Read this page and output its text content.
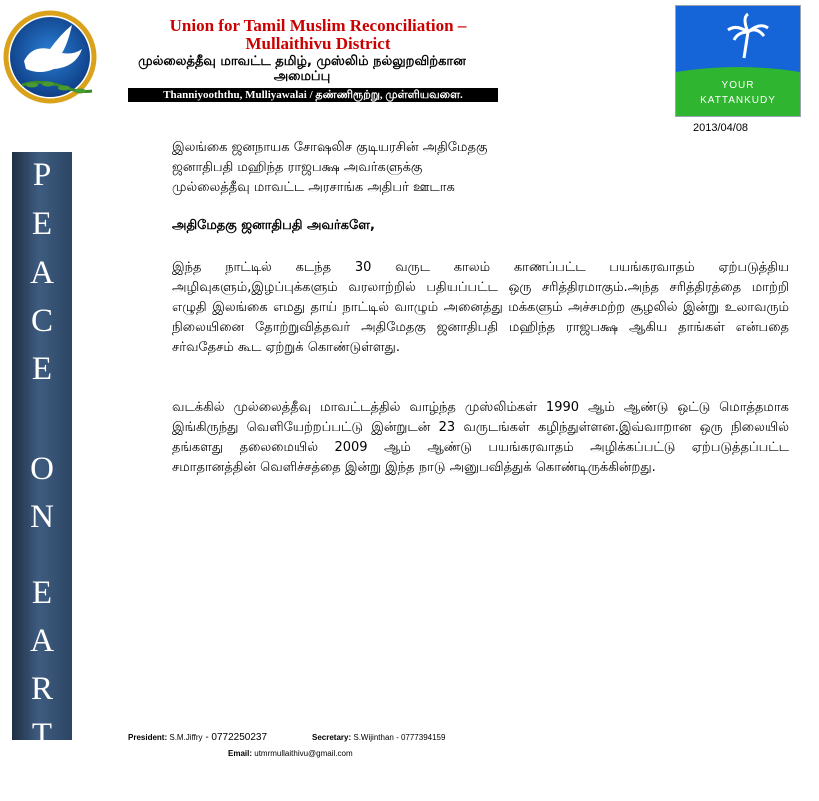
Union for Tamil Muslim Reconciliation –
Mullaithivu District
முல்லைத்தீவு மாவட்ட தமிழ், முஸ்லிம் நல்லுறவிற்கான
அமைப்பு
Thanniyooththu, Mulliyawalai / தண்ணிரூற்று, முள்ளியவளை.
YOUR
KATTANKUDY
2013/04/08
P
E
A
C
E
O
N
E
A
R
T
H
இலங்கை ஜனநாயக சோஷலிச குடியரசின் அதிமேதகு
ஜனாதிபதி மஹிந்த ராஜபக்ஷ அவர்களுக்கு
முல்லைத்தீவு மாவட்ட அரசாங்க அதிபர் ஊடாக
அதிமேதகு ஜனாதிபதி அவர்களே,

இந்த நாட்டில் கடந்த 30 வருட காலம் காணப்பட்ட பயங்கரவாதம் ஏற்படுத்திய அழிவுகளும்,இழப்புக்களும் வரலாற்றில் பதியப்பட்ட ஒரு சரித்திரமாகும்.அந்த சரித்திரத்தை மாற்றி எழுதி இலங்கை எமது தாய் நாட்டில் வாழும் அனைத்து மக்களும் அச்சமற்ற சூழலில் இன்று உலாவரும் நிலையினை தோற்றுவித்தவர் அதிமேதகு ஜனாதிபதி மஹிந்த ராஜபக்ஷ ஆகிய தாங்கள் என்பதை சர்வதேசம் கூட ஏற்றுக் கொண்டுள்ளது.

வடக்கில் முல்லைத்தீவு மாவட்டத்தில் வாழ்ந்த முஸ்லிம்கள் 1990 ஆம் ஆண்டு ஒட்டு மொத்தமாக இங்கிருந்து வெளியேற்றப்பட்டு இன்றுடன் 23 வருடங்கள் கழிந்துள்ளன.இவ்வாறான ஒரு நிலையில் தங்களது தலைமையில் 2009 ஆம் ஆண்டு பயங்கரவாதம் அழிக்கப்பட்டு ஏற்படுத்தப்பட்ட சமாதானத்தின் வெளிச்சத்தை இன்று இந்த நாடு அனுபவித்துக் கொண்டிருக்கின்றது.

President: S.M.Jiffry - 0772250237	Secretary: S.Wijinthan - 0777394159
Email: utmrmullaithivu@gmail.com
